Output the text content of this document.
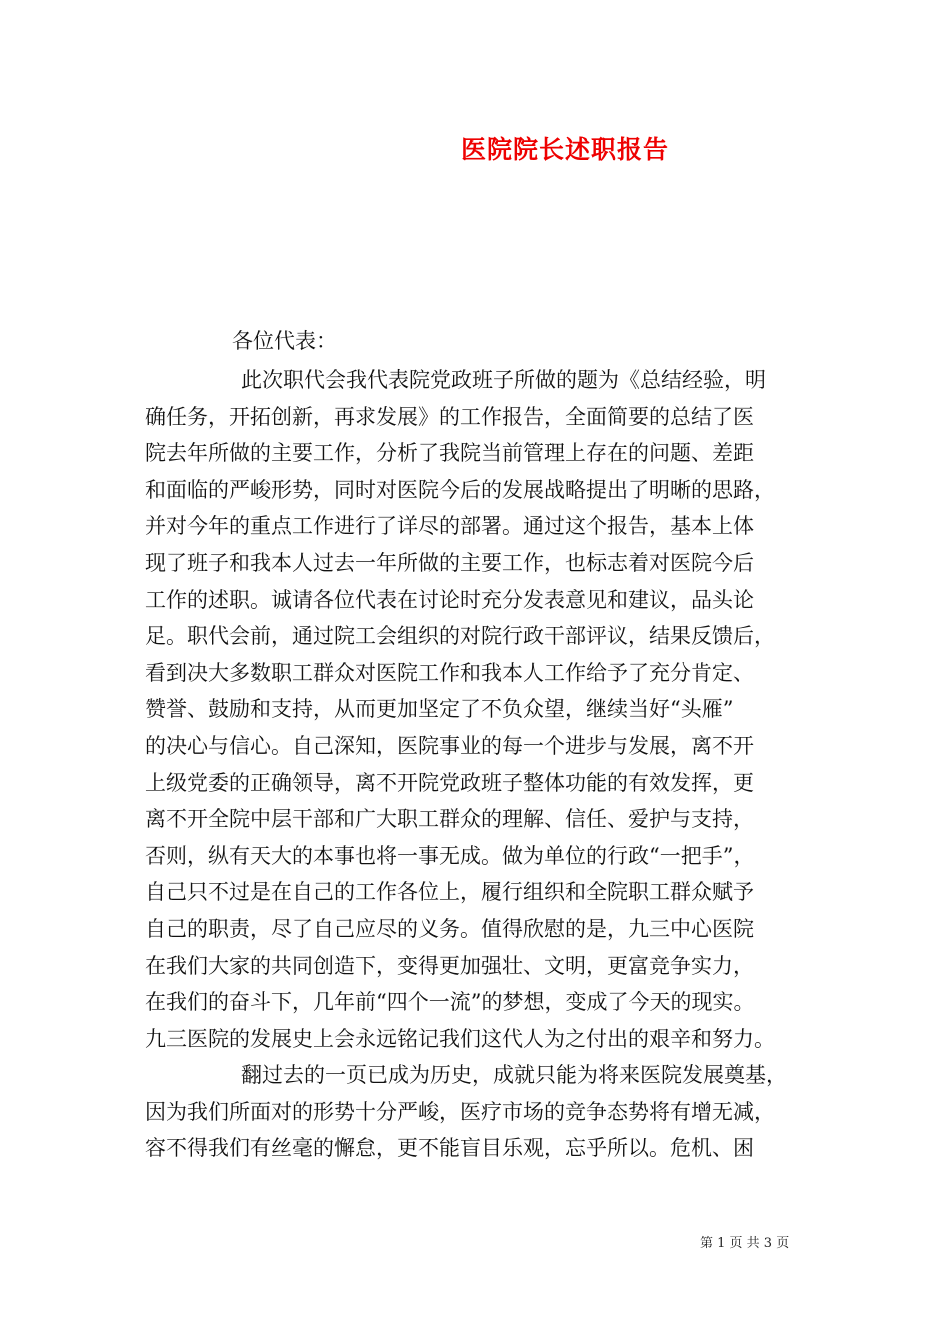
医院院长述职报告
各位代表：
此次职代会我代表院党政班子所做的题为《总结经验，明
确任务，开拓创新，再求发展》的工作报告，全面简要的总结了医
院去年所做的主要工作，分析了我院当前管理上存在的问题、差距
和面临的严峻形势，同时对医院今后的发展战略提出了明晰的思路，
并对今年的重点工作进行了详尽的部署。通过这个报告，基本上体
现了班子和我本人过去一年所做的主要工作，也标志着对医院今后
工作的述职。诚请各位代表在讨论时充分发表意见和建议，品头论
足。职代会前，通过院工会组织的对院行政干部评议，结果反馈后，
看到决大多数职工群众对医院工作和我本人工作给予了充分肯定、
赞誉、鼓励和支持，从而更加坚定了不负众望，继续当好“头雁”
的决心与信心。自己深知，医院事业的每一个进步与发展，离不开
上级党委的正确领导，离不开院党政班子整体功能的有效发挥，更
离不开全院中层干部和广大职工群众的理解、信任、爱护与支持，
否则，纵有天大的本事也将一事无成。做为单位的行政“一把手”，
自己只不过是在自己的工作各位上，履行组织和全院职工群众赋予
自己的职责，尽了自己应尽的义务。值得欣慰的是，九三中心医院
在我们大家的共同创造下，变得更加强壮、文明，更富竞争实力，
在我们的奋斗下，几年前“四个一流”的梦想，变成了今天的现实。
九三医院的发展史上会永远铭记我们这代人为之付出的艰辛和努力。
翻过去的一页已成为历史，成就只能为将来医院发展奠基，
因为我们所面对的形势十分严峻，医疗市场的竞争态势将有增无减，
容不得我们有丝毫的懈怠，更不能盲目乐观，忘乎所以。危机、困
第 1 页 共 3 页
